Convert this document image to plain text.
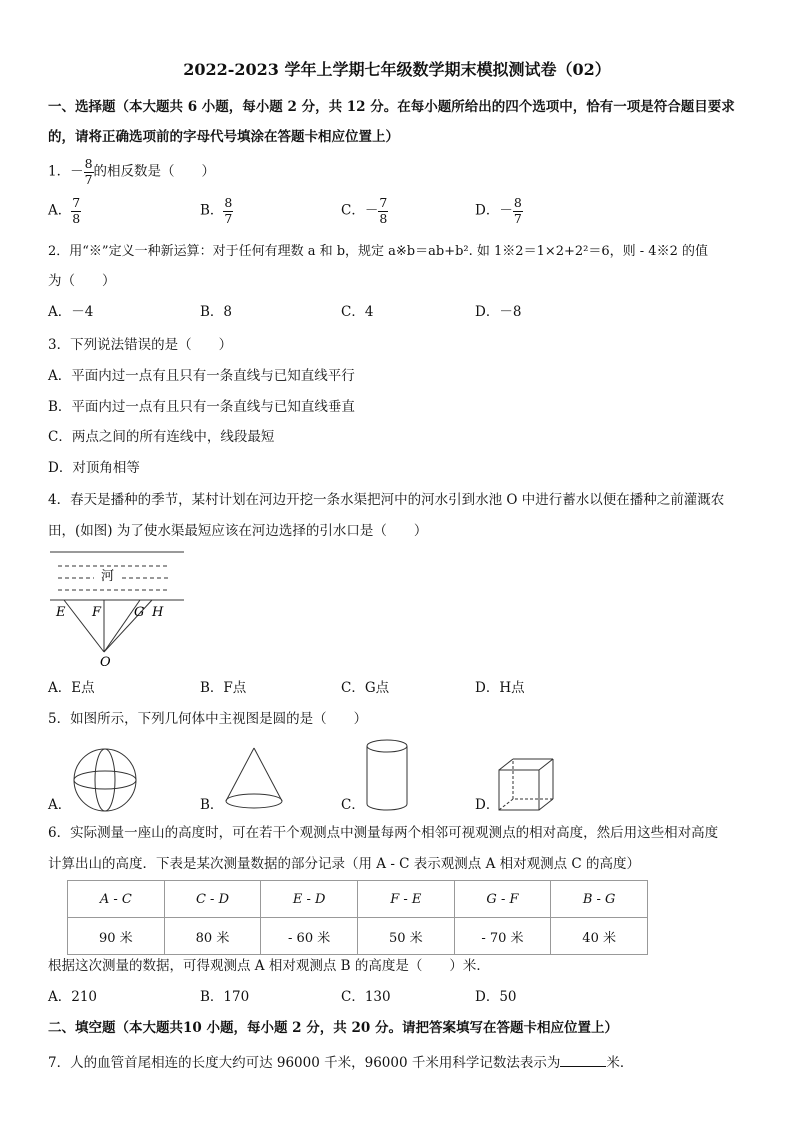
2022-2023 学年上学期七年级数学期末模拟测试卷（02）
一、选择题（本大题共 6 小题，每小题 2 分，共 12 分。在每小题所给出的四个选项中，恰有一项是符合题目要求
的，请将正确选项前的字母代号填涂在答题卡相应位置上）
1．－ $\frac{8}{7}$ 的相反数是（　　）
A． $\frac{7}{8}$	B． $\frac{8}{7}$	C．－ $\frac{7}{8}$	D．－ $\frac{8}{7}$
2．用“※”定义一种新运算：对于任何有理数 a 和 b，规定 a※b＝ab+b². 如 1※2＝1×2+2²＝6，则 - 4※2 的值
为（　　）
A．－4	B．8	C．4	D．－8
3．下列说法错误的是（　　）
A．平面内过一点有且只有一条直线与已知直线平行
B．平面内过一点有且只有一条直线与已知直线垂直
C．两点之间的所有连线中，线段最短
D．对顶角相等
4．春天是播种的季节，某村计划在河边开挖一条水渠把河中的河水引到水池 O 中进行蓄水以便在播种之前灌溉农
田，(如图) 为了使水渠最短应该在河边选择的引水口是（　　）
河
E F	G H
O
A．E点	B．F点	C．G点	D．H点
5．如图所示，下列几何体中主视图是圆的是（　　）
A．	B．	C．	D．
6．实际测量一座山的高度时，可在若干个观测点中测量每两个相邻可视观测点的相对高度，然后用这些相对高度
计算出山的高度．下表是某次测量数据的部分记录（用 A - C 表示观测点 A 相对观测点 C 的高度）
A - C	C - D	E - D	F - E	G - F	B - G
90 米	80 米	- 60 米	50 米	- 70 米	40 米
根据这次测量的数据，可得观测点 A 相对观测点 B 的高度是（　　）米．
A．210	B．170	C．130	D．50
二、填空题（本大题共10 小题，每小题 2 分，共 20 分。请把答案填写在答题卡相应位置上）
7．人的血管首尾相连的长度大约可达 96000 千米，96000 千米用科学记数法表示为	米．
